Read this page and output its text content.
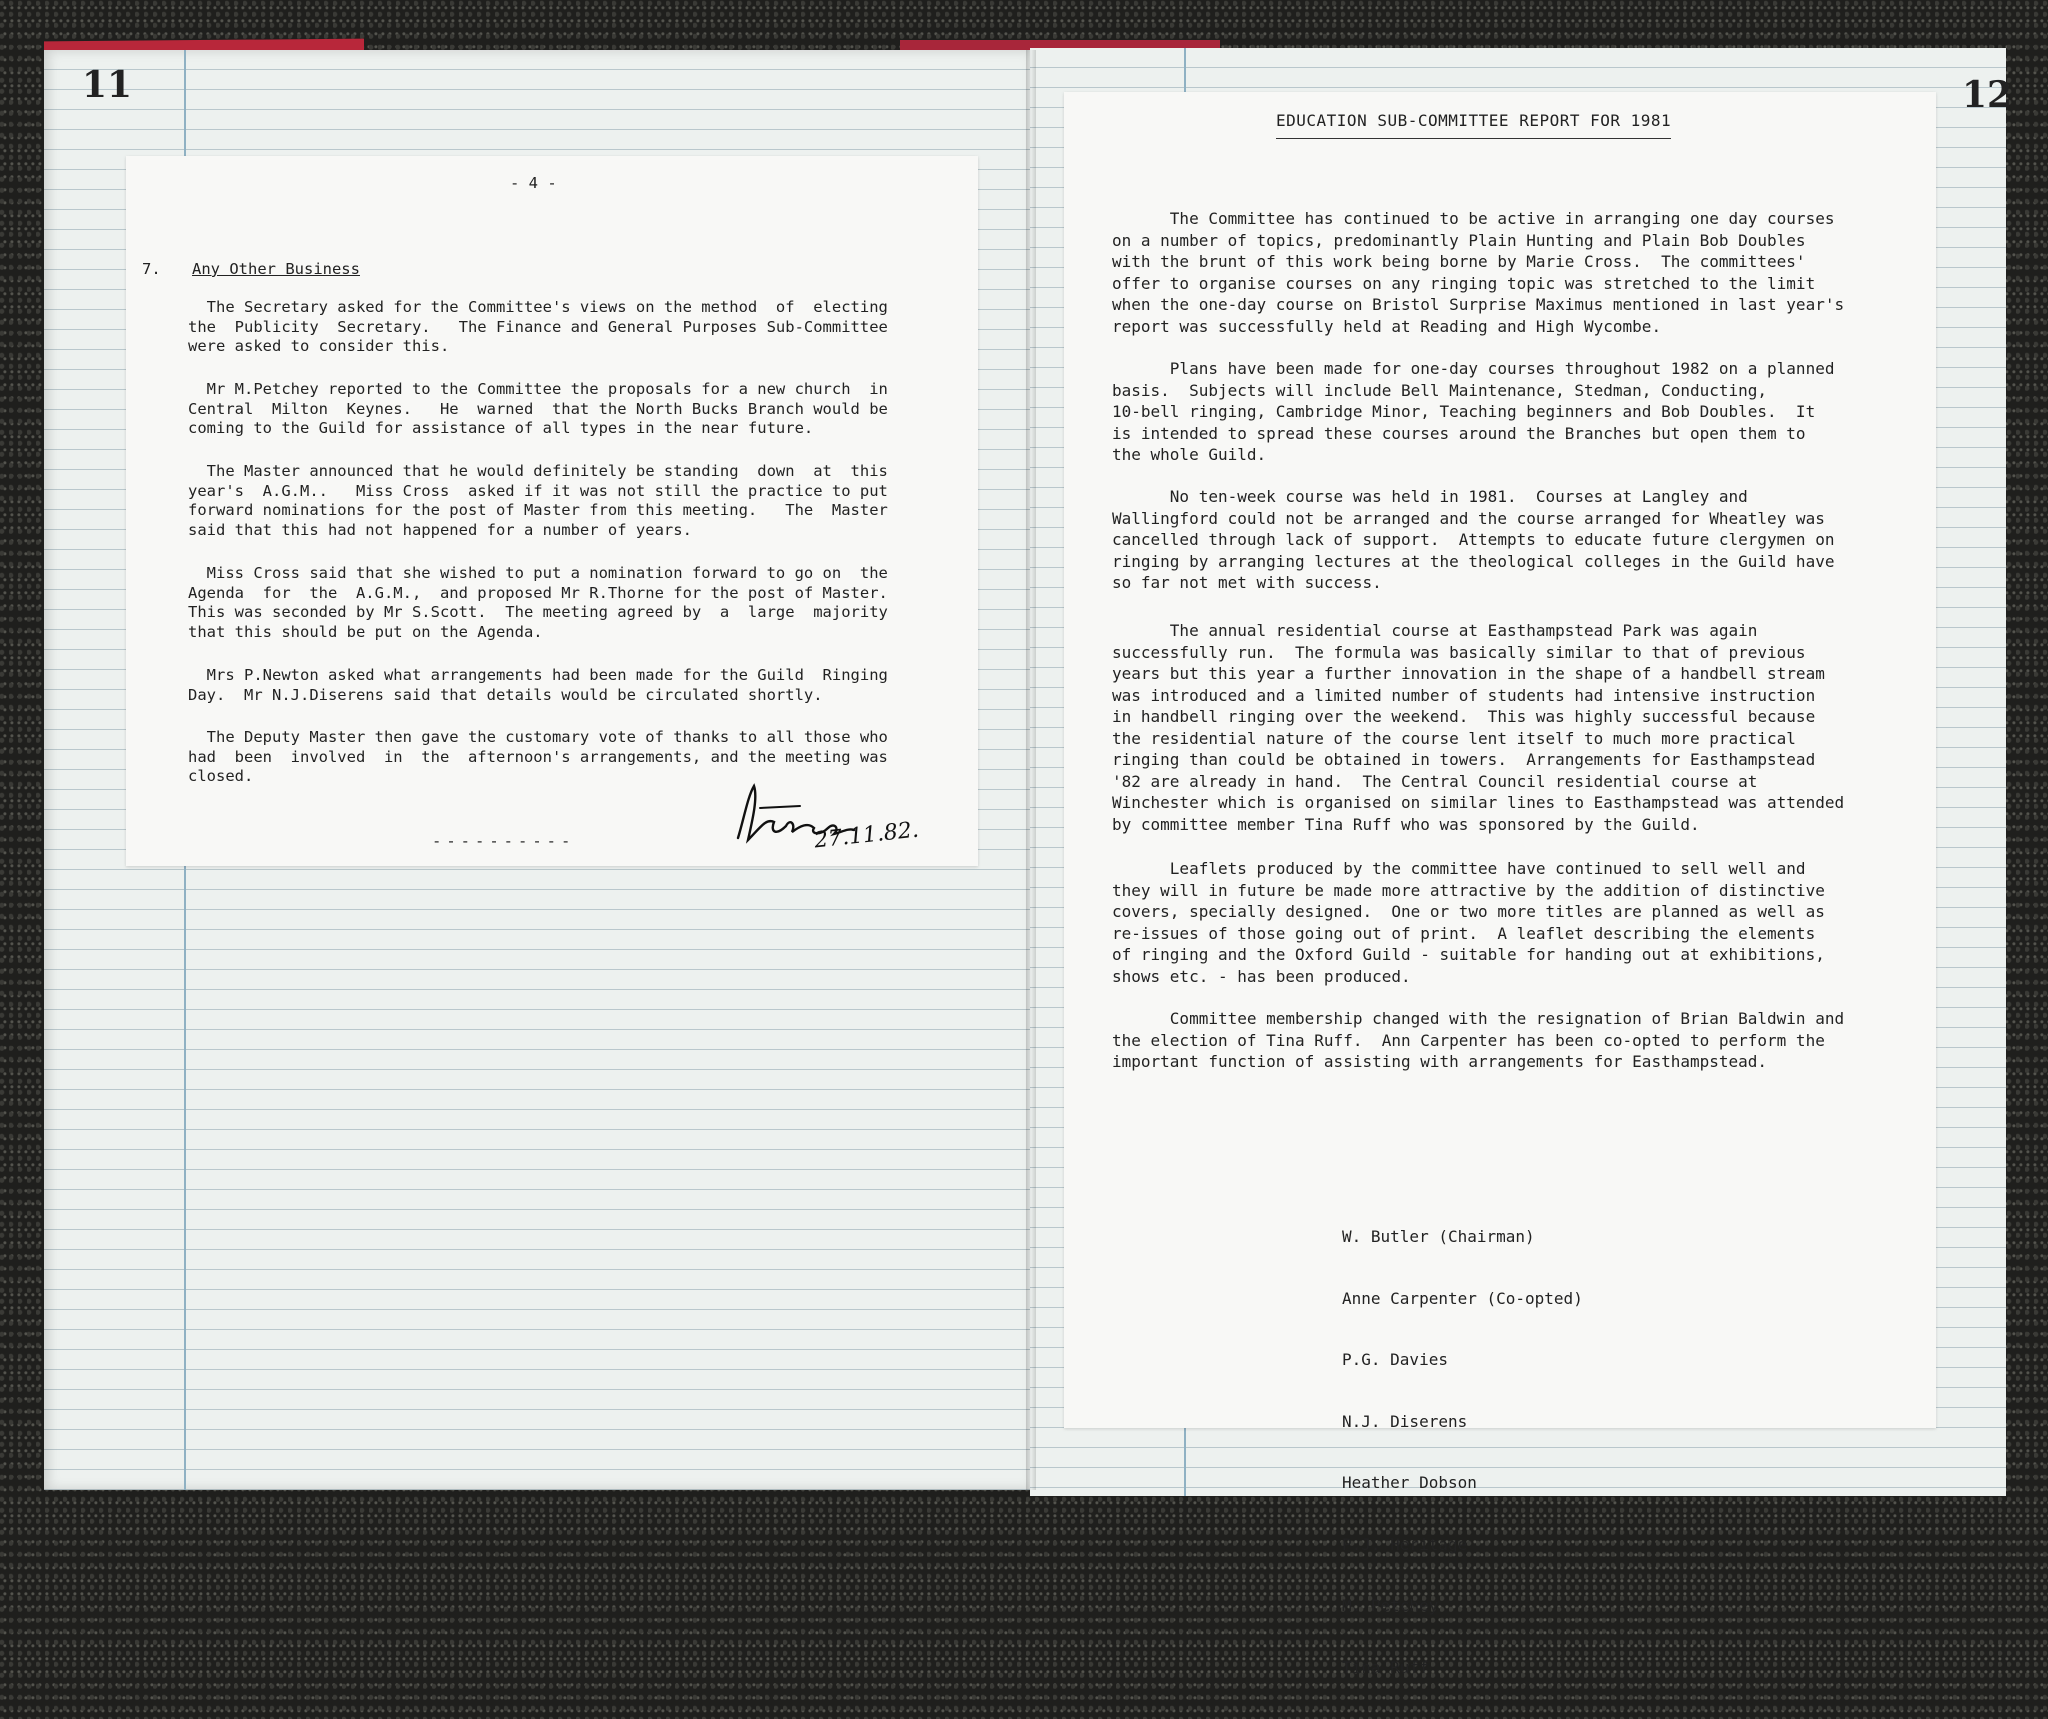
11	12
- 4 -
7. Any Other Business
The Secretary asked for the Committee's views on the method  of  electing
the  Publicity  Secretary.   The Finance and General Purposes Sub-Committee
were asked to consider this.
Mr M.Petchey reported to the Committee the proposals for a new church  in
Central  Milton  Keynes.   He  warned  that the North Bucks Branch would be
coming to the Guild for assistance of all types in the near future.
The Master announced that he would definitely be standing  down  at  this
year's  A.G.M..   Miss Cross  asked if it was not still the practice to put
forward nominations for the post of Master from this meeting.   The  Master
said that this had not happened for a number of years.
Miss Cross said that she wished to put a nomination forward to go on  the
Agenda  for  the  A.G.M.,  and proposed Mr R.Thorne for the post of Master.
This was seconded by Mr S.Scott.  The meeting agreed by  a  large  majority
that this should be put on the Agenda.
Mrs P.Newton asked what arrangements had been made for the Guild  Ringing
Day.  Mr N.J.Diserens said that details would be circulated shortly.
The Deputy Master then gave the customary vote of thanks to all those who
had  been  involved  in  the  afternoon's arrangements, and the meeting was
closed.
----------	27.11.82.
EDUCATION SUB-COMMITTEE REPORT FOR 1981
The Committee has continued to be active in arranging one day courses
on a number of topics, predominantly Plain Hunting and Plain Bob Doubles
with the brunt of this work being borne by Marie Cross.  The committees'
offer to organise courses on any ringing topic was stretched to the limit
when the one-day course on Bristol Surprise Maximus mentioned in last year's
report was successfully held at Reading and High Wycombe.
Plans have been made for one-day courses throughout 1982 on a planned
basis.  Subjects will include Bell Maintenance, Stedman, Conducting,
10-bell ringing, Cambridge Minor, Teaching beginners and Bob Doubles.  It
is intended to spread these courses around the Branches but open them to
the whole Guild.
No ten-week course was held in 1981.  Courses at Langley and
Wallingford could not be arranged and the course arranged for Wheatley was
cancelled through lack of support.  Attempts to educate future clergymen on
ringing by arranging lectures at the theological colleges in the Guild have
so far not met with success.
The annual residential course at Easthampstead Park was again
successfully run.  The formula was basically similar to that of previous
years but this year a further innovation in the shape of a handbell stream
was introduced and a limited number of students had intensive instruction
in handbell ringing over the weekend.  This was highly successful because
the residential nature of the course lent itself to much more practical
ringing than could be obtained in towers.  Arrangements for Easthampstead
'82 are already in hand.  The Central Council residential course at
Winchester which is organised on similar lines to Easthampstead was attended
by committee member Tina Ruff who was sponsored by the Guild.
Leaflets produced by the committee have continued to sell well and
they will in future be made more attractive by the addition of distinctive
covers, specially designed.  One or two more titles are planned as well as
re-issues of those going out of print.  A leaflet describing the elements
of ringing and the Oxford Guild - suitable for handing out at exhibitions,
shows etc. - has been produced.
Committee membership changed with the resignation of Brian Baldwin and
the election of Tina Ruff.  Ann Carpenter has been co-opted to perform the
important function of assisting with arrangements for Easthampstead.

W. Butler (Chairman)

Anne Carpenter (Co-opted)

P.G. Davies

N.J. Diserens

Heather Dobson

P.J. Heritage

M. Petchey

Tina Ruff
